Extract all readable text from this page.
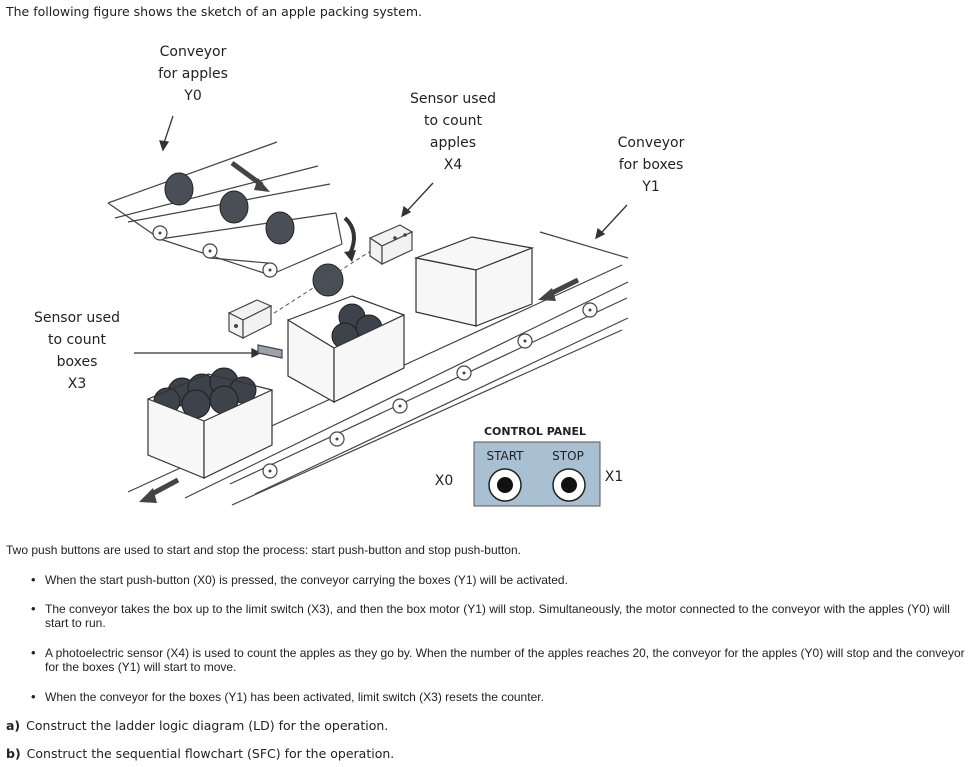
The following figure shows the sketch of an apple packing system.
Conveyor
for apples
Y0	Sensor used
to count
apples
X4
Conveyor
for boxes
Y1
Sensor used
to count
boxes
X3
CONTROL PANEL
START STOP
X0	X1
Two push buttons are used to start and stop the process: start push-button and stop push-button.
• When the start push-button (X0) is pressed, the conveyor carrying the boxes (Y1) will be activated.
• The conveyor takes the box up to the limit switch (X3), and then the box motor (Y1) will stop. Simultaneously, the motor connected to the conveyor with the apples (Y0) will start to run.
• A photoelectric sensor (X4) is used to count the apples as they go by. When the number of the apples reaches 20, the conveyor for the apples (Y0) will stop and the conveyor for the boxes (Y1) will start to move.
• When the conveyor for the boxes (Y1) has been activated, limit switch (X3) resets the counter.
a) Construct the ladder logic diagram (LD) for the operation.
b) Construct the sequential flowchart (SFC) for the operation.
